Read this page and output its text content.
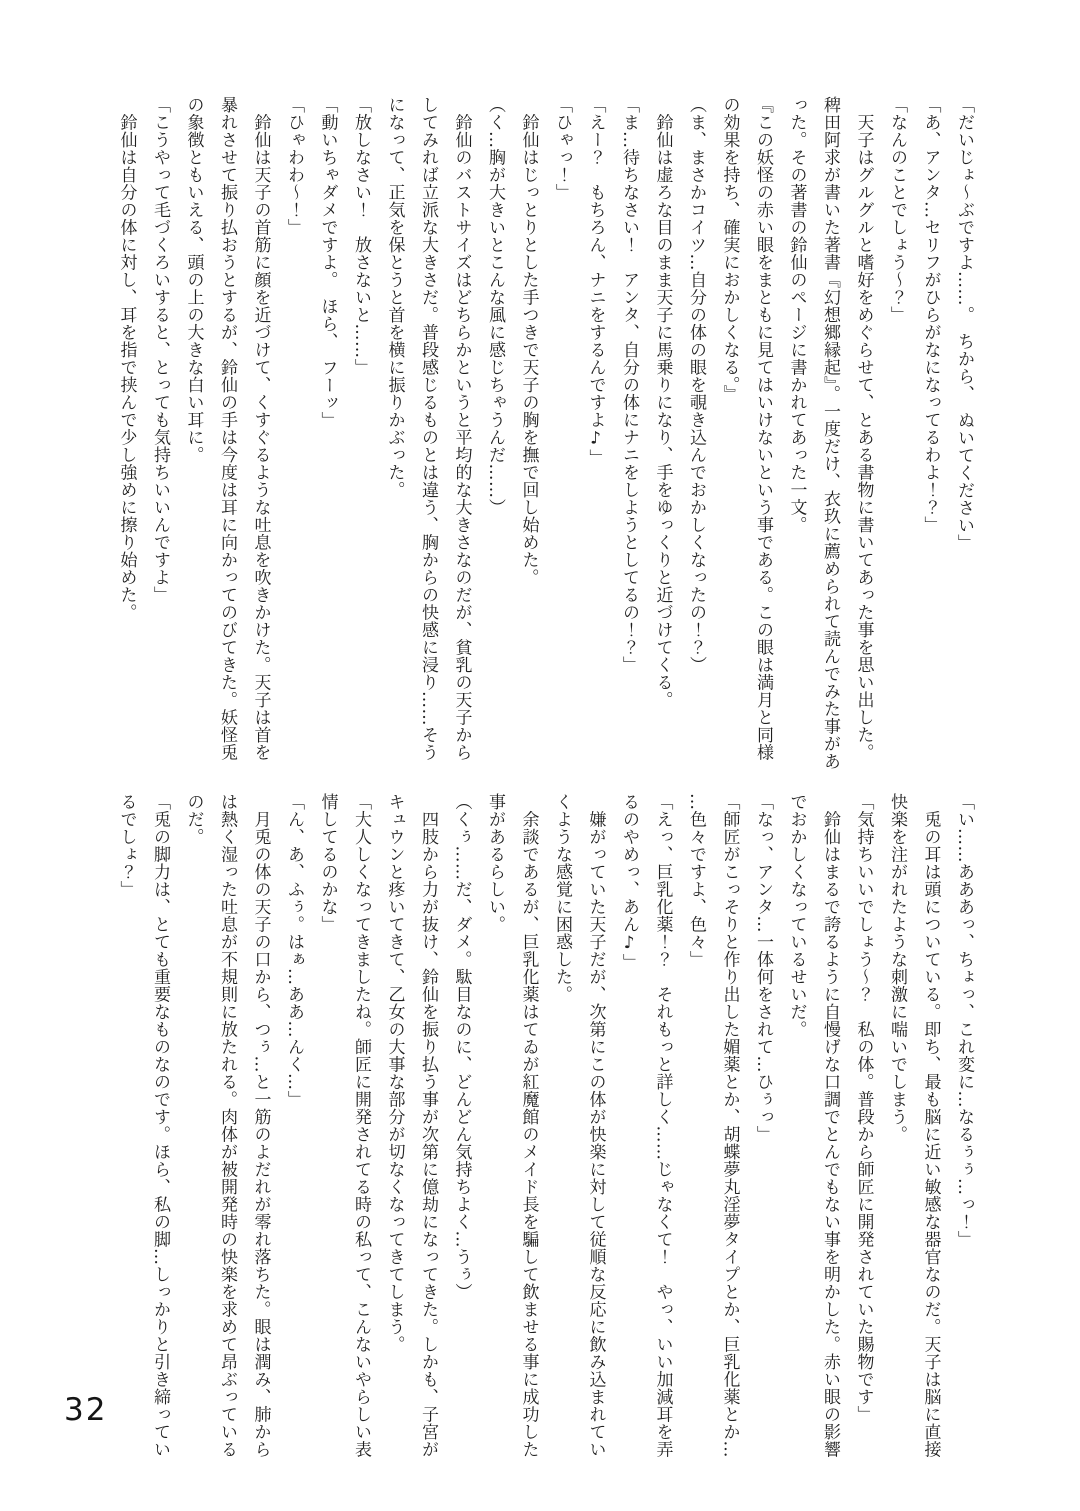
「だいじょ〜ぶですよ……。　ちから、　ぬいてください」

「あ、アンタ…セリフがひらがなになってるわよ！？」

「なんのことでしょう〜？」

　天子はグルグルと嗜好をめぐらせて、とある書物に書いてあった事を思い出した。

稗田阿求が書いた著書『幻想郷縁起』。一度だけ、衣玖に薦められて読んでみた事があ

った。その著書の鈴仙のページに書かれてあった一文。

『この妖怪の赤い眼をまともに見てはいけないという事である。この眼は満月と同様

の効果を持ち、確実におかしくなる。』

（ま、まさかコイツ…自分の体の眼を覗き込んでおかしくなったの！？）

　鈴仙は虚ろな目のまま天子に馬乗りになり、手をゆっくりと近づけてくる。

「ま…待ちなさい！　アンタ、自分の体にナニをしようとしてるの！？」

「えー？　もちろん、ナニをするんですよ♪」

「ひゃっ！」

　鈴仙はじっとりとした手つきで天子の胸を撫で回し始めた。

（く…胸が大きいとこんな風に感じちゃうんだ……）

　鈴仙のバストサイズはどちらかというと平均的な大きさなのだが、貧乳の天子から

してみれば立派な大きさだ。普段感じるものとは違う、胸からの快感に浸り……そう

になって、正気を保とうと首を横に振りかぶった。

「放しなさい！　放さないと……」

「動いちゃダメですよ。　ほら、　フーッ」

「ひゃわわ〜！」

　鈴仙は天子の首筋に顔を近づけて、くすぐるような吐息を吹きかけた。天子は首を

暴れさせて振り払おうとするが、鈴仙の手は今度は耳に向かってのびてきた。妖怪兎

の象徴ともいえる、頭の上の大きな白い耳に。

「こうやって毛づくろいすると、とっても気持ちいいんですよ」

　鈴仙は自分の体に対し、耳を指で挟んで少し強めに擦り始めた。

「い……あああっ、ちょっ、これ変に…なるぅぅ…っ！」

　兎の耳は頭についている。即ち、最も脳に近い敏感な器官なのだ。天子は脳に直接

快楽を注がれたような刺激に喘いでしまう。

「気持ちいいでしょう〜？　私の体。普段から師匠に開発されていた賜物です」

　鈴仙はまるで誇るように自慢げな口調でとんでもない事を明かした。赤い眼の影響

でおかしくなっているせいだ。

「なっ、アンタ…一体何をされて…ひぅっ」

「師匠がこっそりと作り出した媚薬とか、胡蝶夢丸淫夢タイプとか、巨乳化薬とか…

…色々ですよ、色々」

「えっ、巨乳化薬！？　それもっと詳しく……じゃなくて！　やっ、いい加減耳を弄

るのやめっ、あん♪」

　嫌がっていた天子だが、次第にこの体が快楽に対して従順な反応に飲み込まれてい

くような感覚に困惑した。

　余談であるが、巨乳化薬はてゐが紅魔館のメイド長を騙して飲ませる事に成功した

事があるらしい。

（くぅ……だ、ダメ。駄目なのに、どんどん気持ちよく…うぅ）

　四肢から力が抜け、鈴仙を振り払う事が次第に億劫になってきた。しかも、子宮が

キュウンと疼いてきて、乙女の大事な部分が切なくなってきてしまう。

「大人しくなってきましたね。師匠に開発されてる時の私って、こんないやらしい表

情してるのかな」

「ん、あ、ふぅ。はぁ…ああ…んく…」

　月兎の体の天子の口から、つぅ…と一筋のよだれが零れ落ちた。眼は潤み、肺から

は熱く湿った吐息が不規則に放たれる。肉体が被開発時の快楽を求めて昂ぶっている

のだ。

「兎の脚力は、とても重要なものなのです。ほら、私の脚…しっかりと引き締ってい

るでしょ？」

32
